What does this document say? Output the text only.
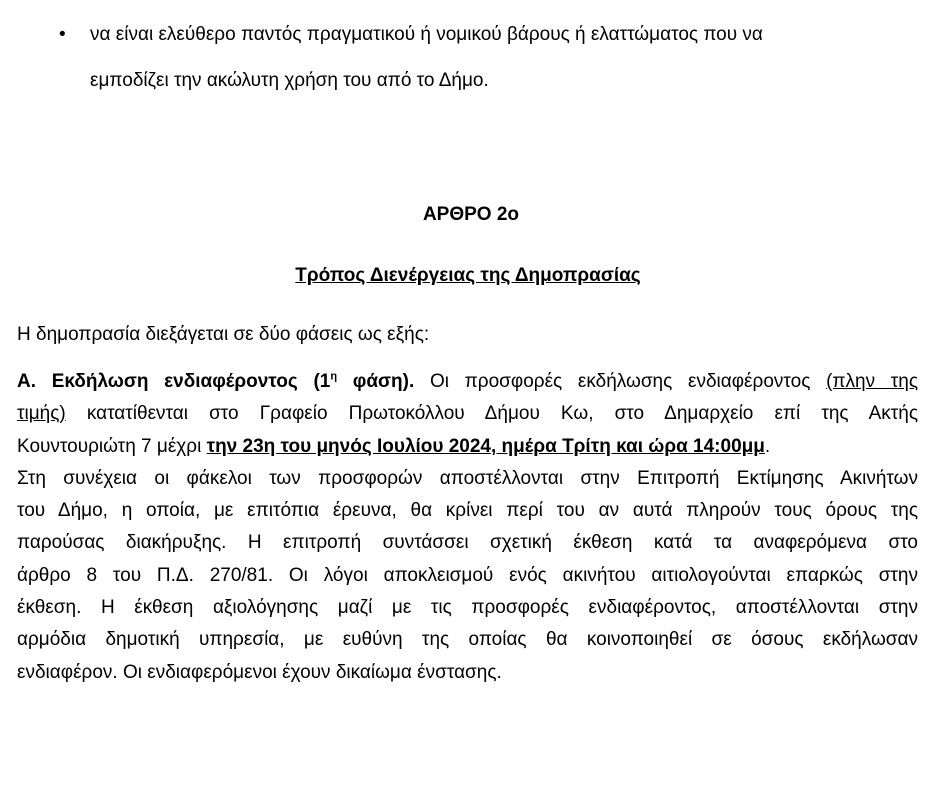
•	να είναι ελεύθερο παντός πραγματικού ή νομικού βάρους ή ελαττώματος που να
εμποδίζει την ακώλυτη χρήση του από το Δήμο.
ΑΡΘΡΟ 2ο
Τρόπος Διενέργειας της Δημοπρασίας
Η δημοπρασία διεξάγεται σε δύο φάσεις ως εξής:
Α. Εκδήλωση ενδιαφέροντος ($1^\eta$ φάση). Οι προσφορές εκδήλωσης ενδιαφέροντος (πλην της
τιμής) κατατίθενται στο Γραφείο Πρωτοκόλλου Δήμου Κω, στο Δημαρχείο επί της Ακτής
Κουντουριώτη 7 μέχρι την 23η του μηνός Ιουλίου 2024, ημέρα Τρίτη και ώρα 14:00μμ.
Στη συνέχεια οι φάκελοι των προσφορών αποστέλλονται στην Επιτροπή Εκτίμησης Ακινήτων
του Δήμο, η οποία, με επιτόπια έρευνα, θα κρίνει περί του αν αυτά πληρούν τους όρους της
παρούσας διακήρυξης. Η επιτροπή συντάσσει σχετική έκθεση κατά τα αναφερόμενα στο
άρθρο 8 του Π.Δ. 270/81. Οι λόγοι αποκλεισμού ενός ακινήτου αιτιολογούνται επαρκώς στην
έκθεση. Η έκθεση αξιολόγησης μαζί με τις προσφορές ενδιαφέροντος, αποστέλλονται στην
αρμόδια δημοτική υπηρεσία, με ευθύνη της οποίας θα κοινοποιηθεί σε όσους εκδήλωσαν
ενδιαφέρον. Οι ενδιαφερόμενοι έχουν δικαίωμα ένστασης.
